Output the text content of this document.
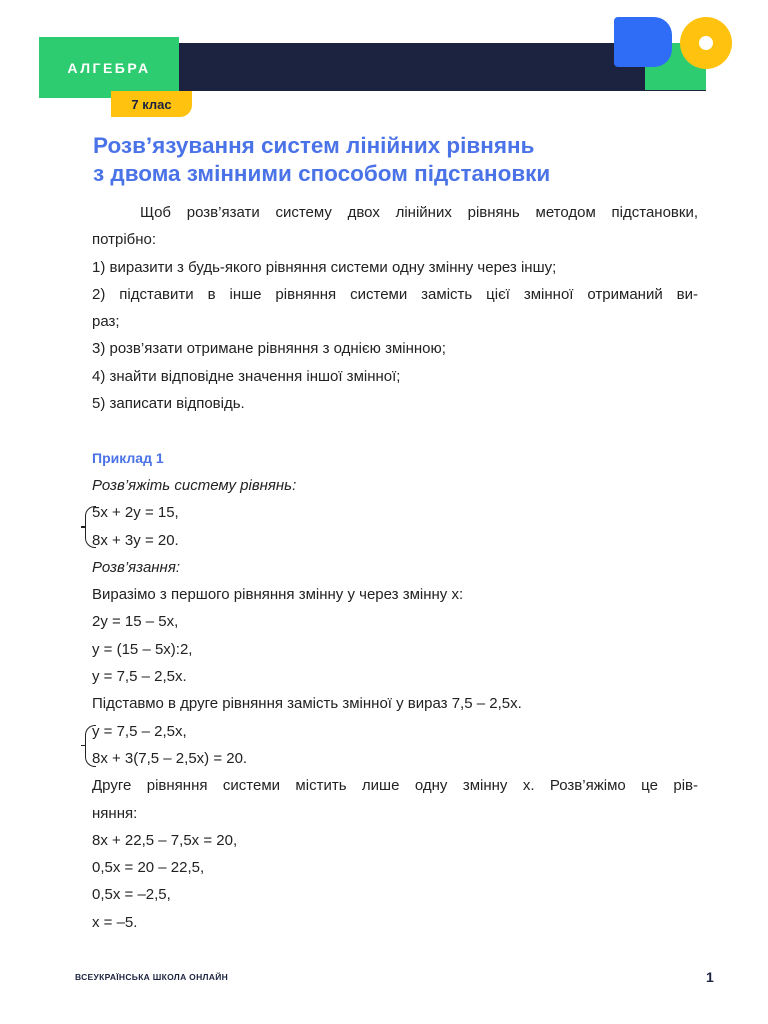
АЛГЕБРА
7 клас
Розв’язування систем лінійних рівнянь
з двома змінними способом підстановки
Щоб розв’язати систему двох лінійних рівнянь методом підстановки,
потрібно:
1) виразити з будь-якого рівняння системи одну змінну через іншу;
2) підставити в інше рівняння системи замість цієї змінної отриманий ви-
раз;
3) розв’язати отримане рівняння з однією змінною;
4) знайти відповідне значення іншої змінної;
5) записати відповідь.
Приклад 1
Розв’яжіть систему рівнянь:
5x + 2y = 15,
8x + 3y = 20.
Розв’язання:
Виразімо з першого рівняння змінну y через змінну x:
2y = 15 – 5x,
y = (15 – 5x):2,
y = 7,5 – 2,5x.
Підставмо в друге рівняння замість змінної y вираз 7,5 – 2,5x.
y = 7,5 – 2,5x,
8x + 3(7,5 – 2,5x) = 20.
Друге рівняння системи містить лише одну змінну x. Розв’яжімо це рів-
няння:
8x + 22,5 – 7,5x = 20,
0,5x = 20 – 22,5,
0,5x = –2,5,
x = –5.
ВСЕУКРАЇНСЬКА ШКОЛА ОНЛАЙН	1
